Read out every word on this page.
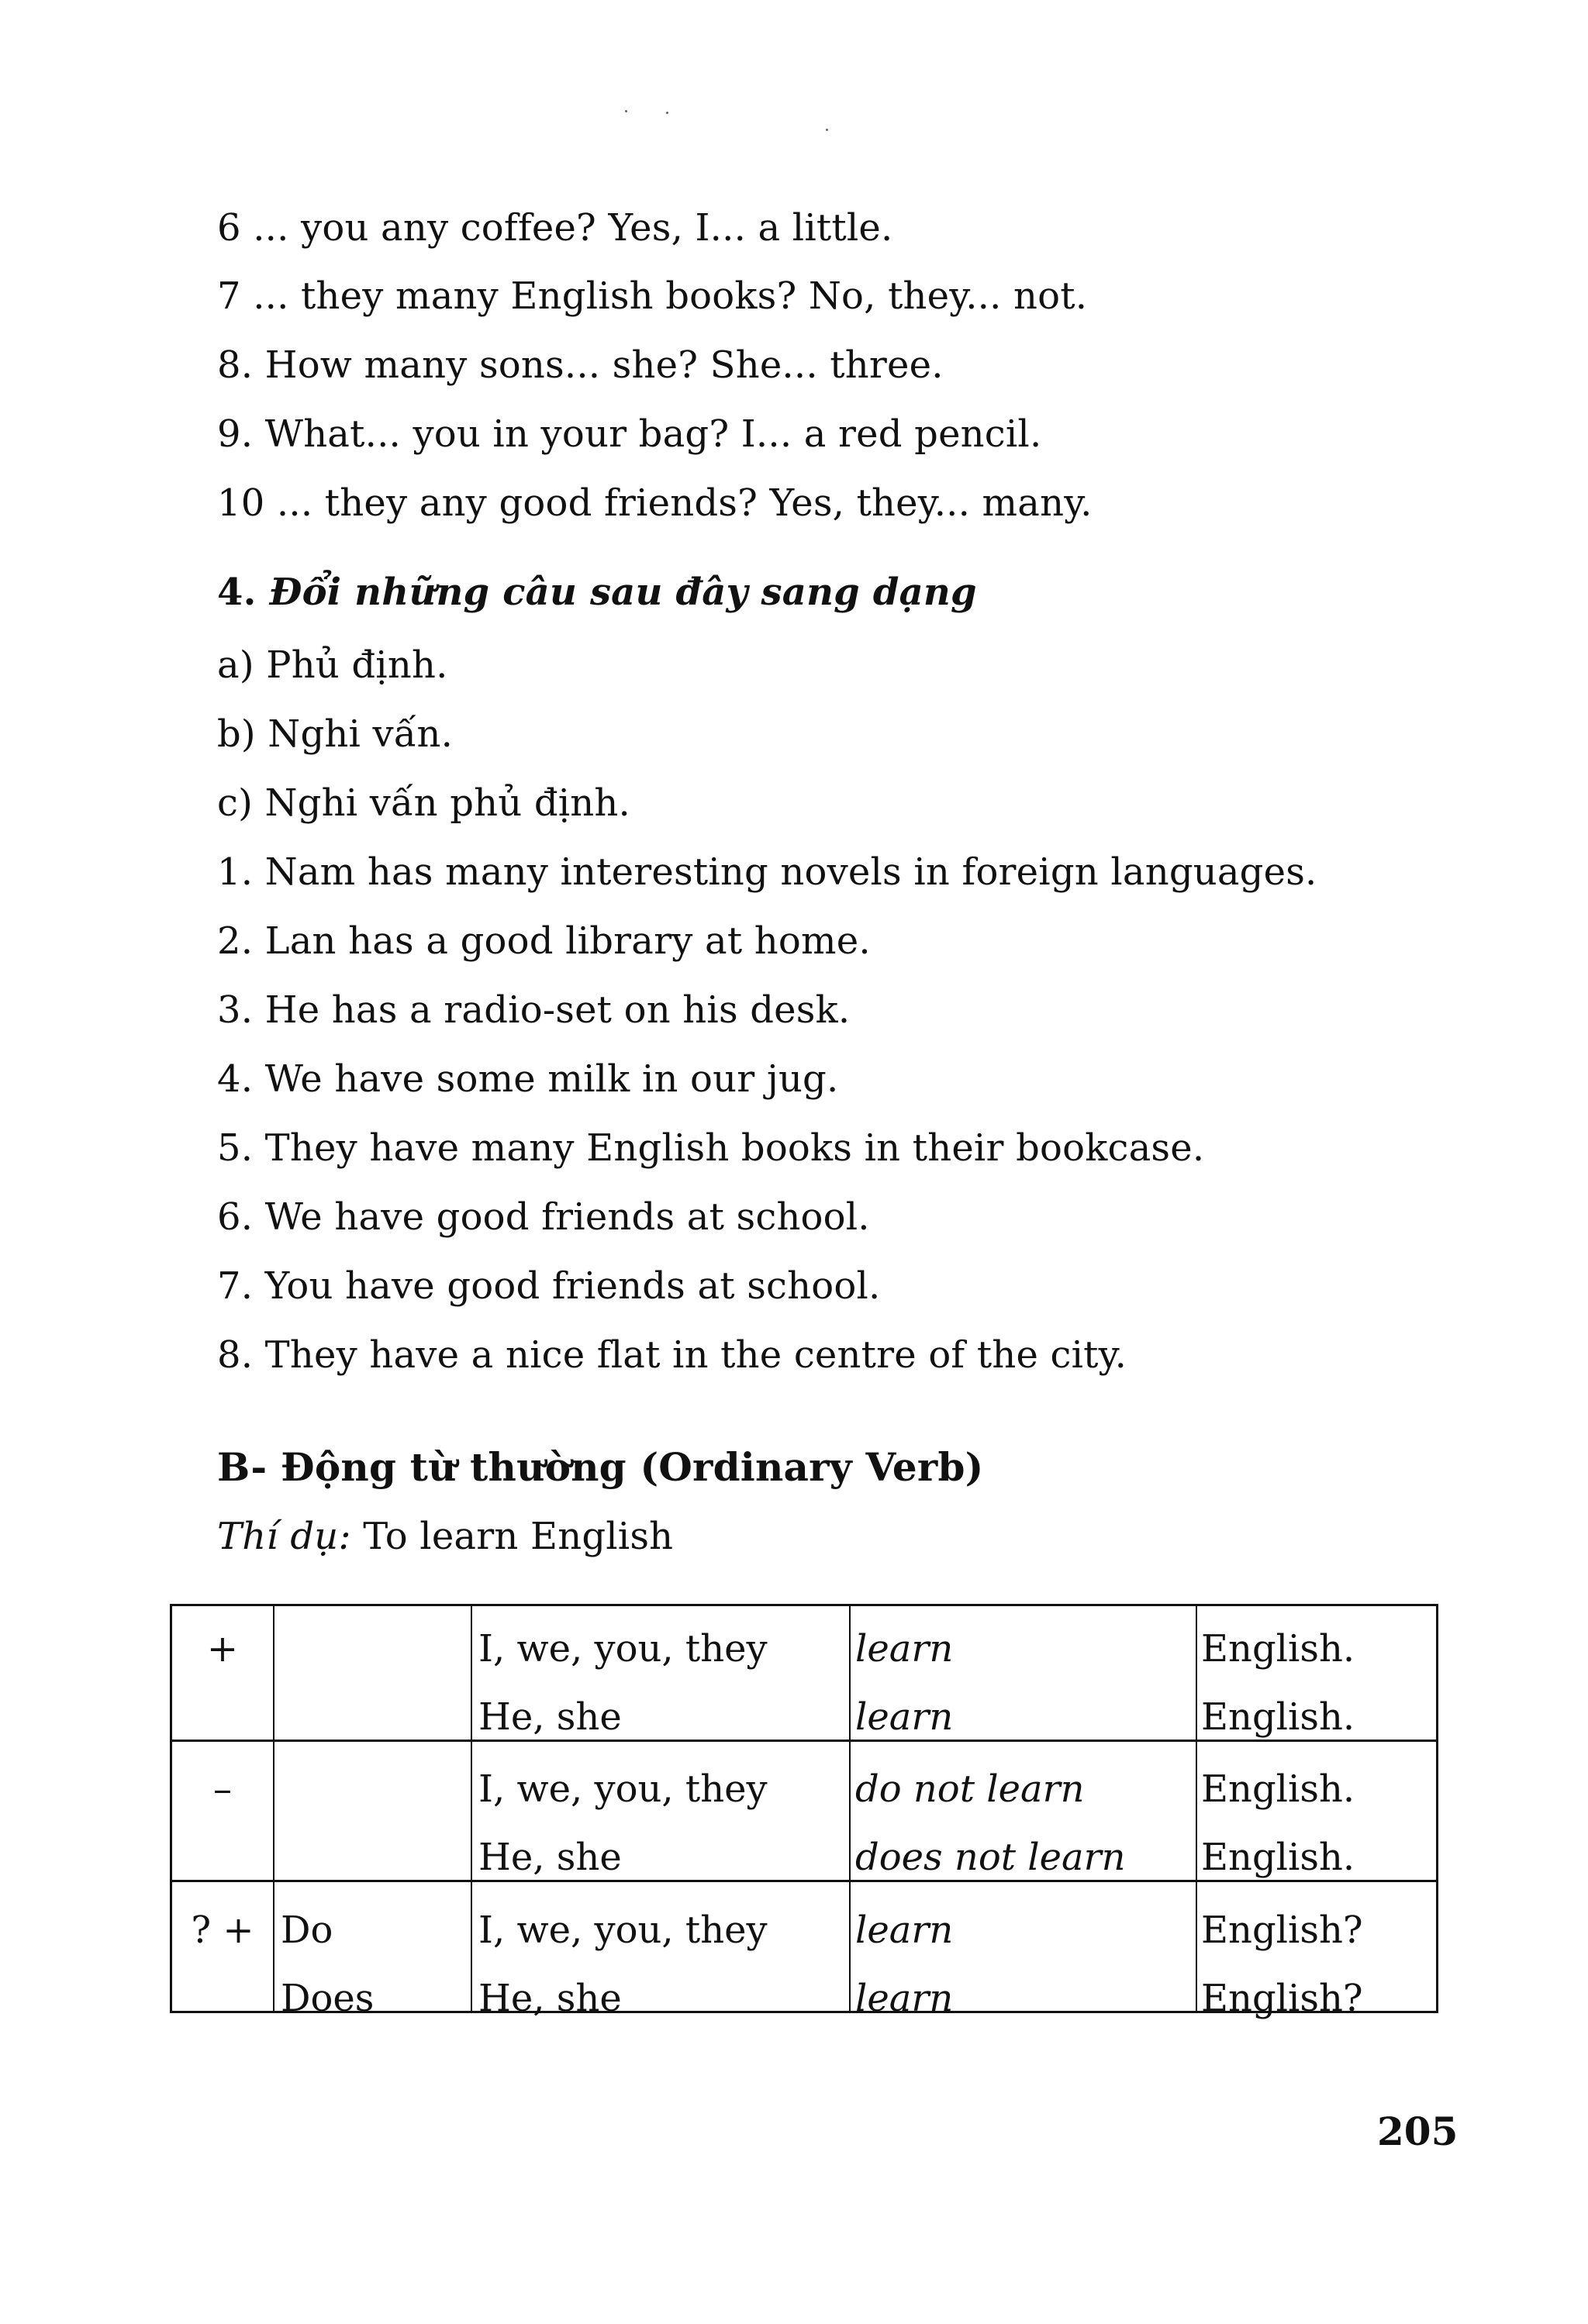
6 ... you any coffee? Yes, I... a little.
7 ... they many English books? No, they... not.
8. How many sons... she? She... three.
9. What... you in your bag? I... a red pencil.
10 ... they any good friends? Yes, they... many.
4. Đổi những câu sau đây sang dạng
a) Phủ định.
b) Nghi vấn.
c) Nghi vấn phủ định.
1. Nam has many interesting novels in foreign languages.
2. Lan has a good library at home.
3. He has a radio-set on his desk.
4. We have some milk in our jug.
5. They have many English books in their bookcase.
6. We have good friends at school.
7. You have good friends at school.
8. They have a nice flat in the centre of the city.
B- Động từ thường (Ordinary Verb)
Thí dụ: To learn English
+	I, we, you, they
He, she
learn
learn
English.
English.
–	I, we, you, they
He, she
do not learn
does not learn
English.
English.
? + Do
Does
I, we, you, they
He, she
learn
learn
English?
English?
205
